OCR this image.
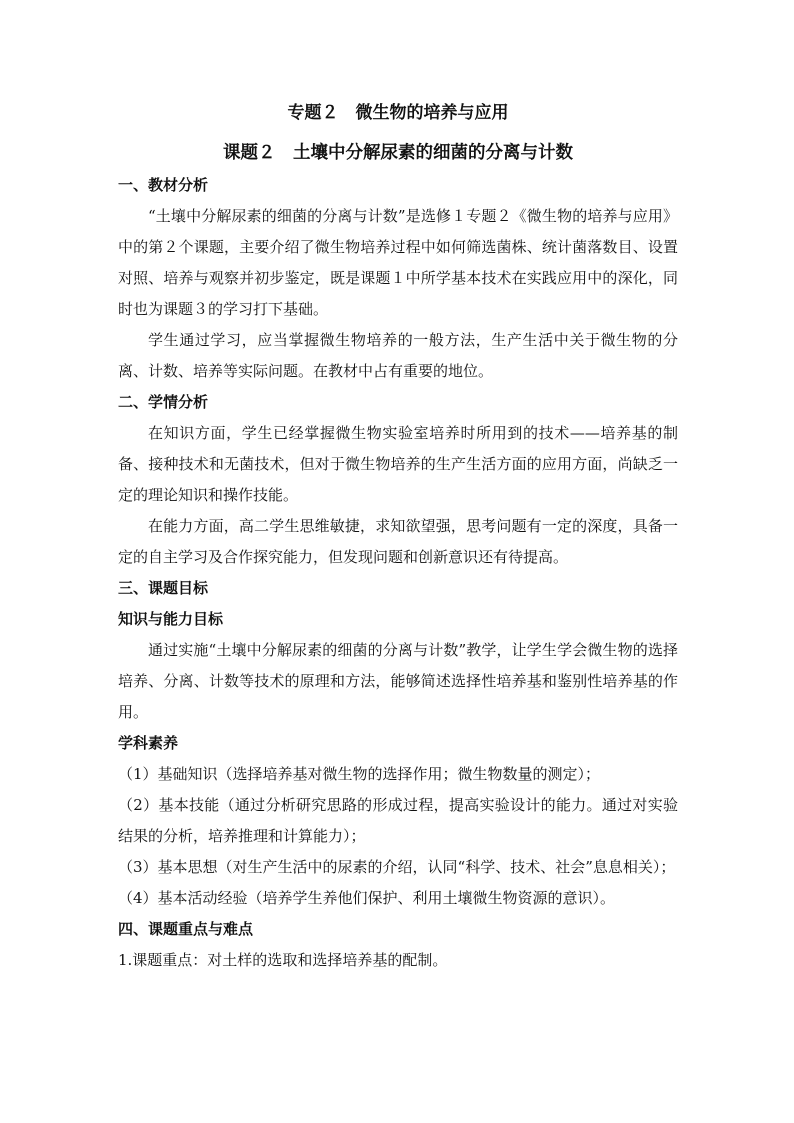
专题２　微生物的培养与应用

课题２　土壤中分解尿素的细菌的分离与计数

一、教材分析

“土壤中分解尿素的细菌的分离与计数”是选修１专题２《微生物的培养与应用》中的第２个课题，主要介绍了微生物培养过程中如何筛选菌株、统计菌落数目、设置对照、培养与观察并初步鉴定，既是课题１中所学基本技术在实践应用中的深化，同时也为课题３的学习打下基础。

学生通过学习，应当掌握微生物培养的一般方法，生产生活中关于微生物的分离、计数、培养等实际问题。在教材中占有重要的地位。

二、学情分析

在知识方面，学生已经掌握微生物实验室培养时所用到的技术——培养基的制备、接种技术和无菌技术，但对于微生物培养的生产生活方面的应用方面，尚缺乏一定的理论知识和操作技能。

在能力方面，高二学生思维敏捷，求知欲望强，思考问题有一定的深度，具备一定的自主学习及合作探究能力，但发现问题和创新意识还有待提高。

三、课题目标

知识与能力目标

通过实施“土壤中分解尿素的细菌的分离与计数”教学，让学生学会微生物的选择培养、分离、计数等技术的原理和方法，能够简述选择性培养基和鉴别性培养基的作用。

学科素养

（1）基础知识（选择培养基对微生物的选择作用；微生物数量的测定）；

（2）基本技能（通过分析研究思路的形成过程，提高实验设计的能力。通过对实验结果的分析，培养推理和计算能力）；

（3）基本思想（对生产生活中的尿素的介绍，认同“科学、技术、社会”息息相关）；

（4）基本活动经验（培养学生养他们保护、利用土壤微生物资源的意识）。

四、课题重点与难点

1.课题重点：对土样的选取和选择培养基的配制。
